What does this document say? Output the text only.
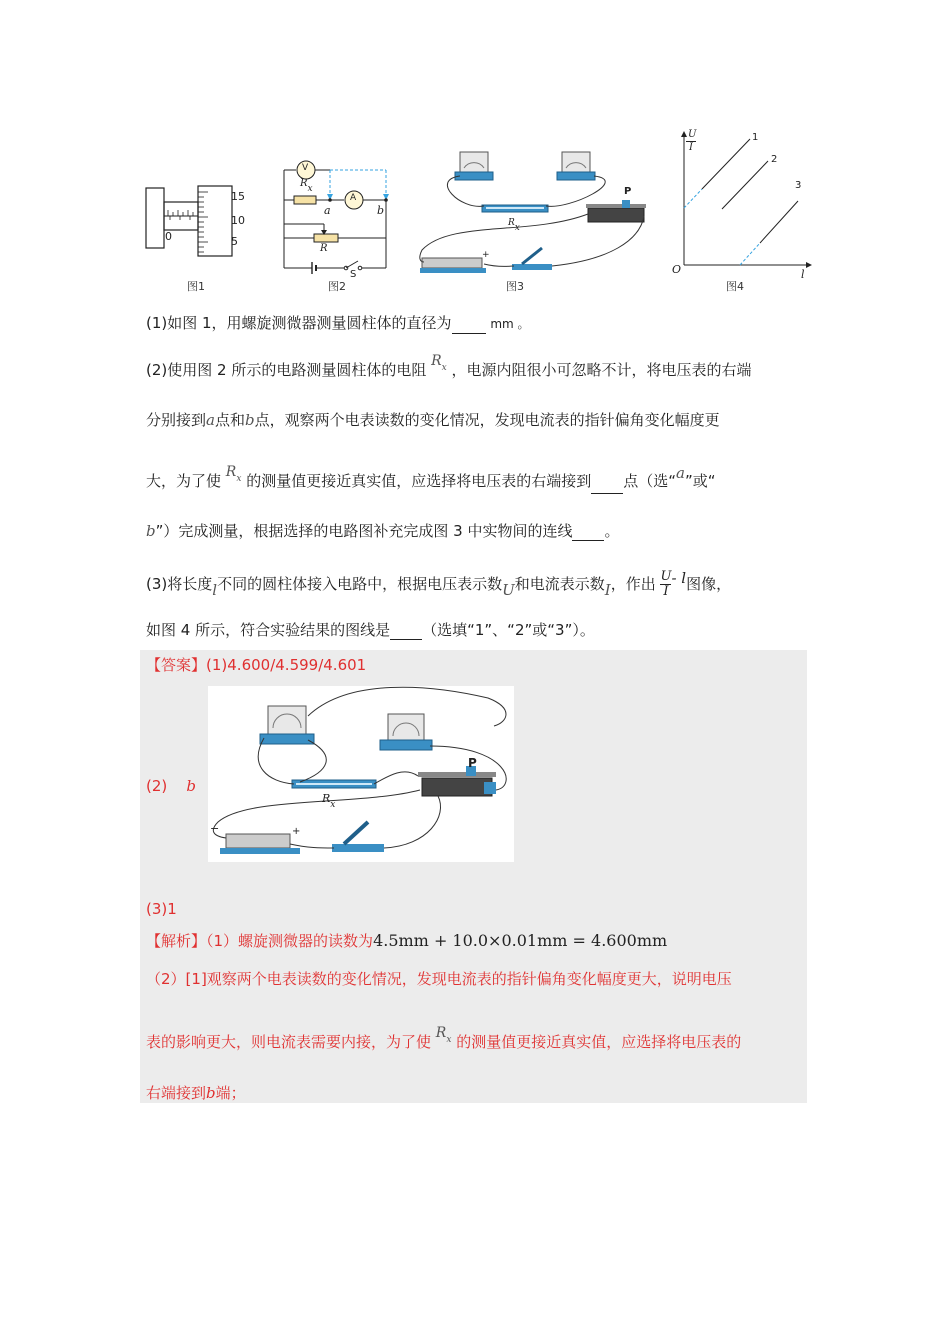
15
10
5
0
图1
V
A
Rx
a	b
R
S
图2
Rx
P
+
图3
U
I
O	l
1
2
3
图4
(1)如图 1，用螺旋测微器测量圆柱体的直径为	mm 。
(2)使用图 2 所示的电路测量圆柱体的电阻 $R_x$ ，电源内阻很小可忽略不计，将电压表的右端
分别接到a点和b点，观察两个电表读数的变化情况，发现电流表的指针偏角变化幅度更
大，为了使 $R_x$ 的测量值更接近真实值，应选择将电压表的右端接到 点（选“a”或“
b”）完成测量，根据选择的电路图补充完成图 3 中实物间的连线 。
(3)将长度l不同的圆柱体接入电路中，根据电压表示数U和电流表示数I，作出 $\frac{U}{I}$ - l图像，
如图 4 所示，符合实验结果的图线是 （选填“1”、“2”或“3”）。
【答案】(1)4.600/4.599/4.601
(2) b
P
$R_x$
−	+
(3)1
【解析】（1）螺旋测微器的读数为4.5mm + 10.0×0.01mm = 4.600mm
（2）[1]观察两个电表读数的变化情况，发现电流表的指针偏角变化幅度更大，说明电压
表的影响更大，则电流表需要内接，为了使 $R_x$ 的测量值更接近真实值，应选择将电压表的
右端接到b端；
